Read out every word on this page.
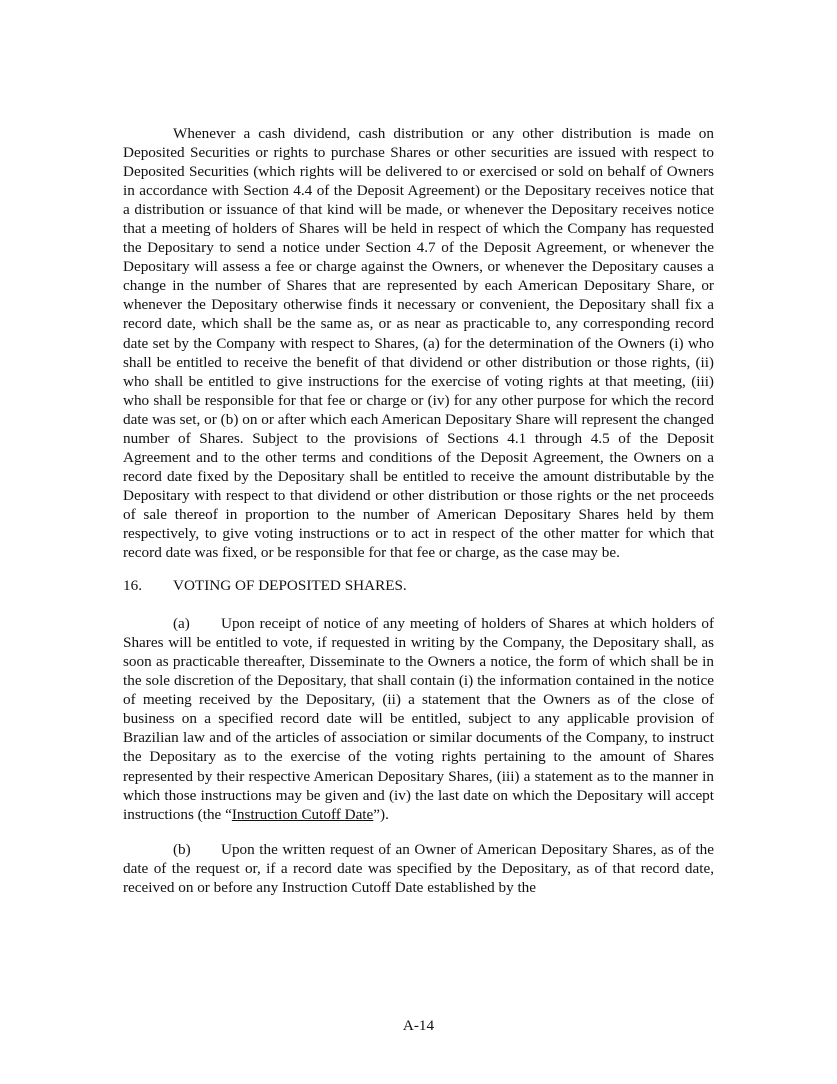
Whenever a cash dividend, cash distribution or any other distribution is made on Deposited Securities or rights to purchase Shares or other securities are issued with respect to Deposited Securities (which rights will be delivered to or exercised or sold on behalf of Owners in accordance with Section 4.4 of the Deposit Agreement) or the Depositary receives notice that a distribution or issuance of that kind will be made, or whenever the Depositary receives notice that a meeting of holders of Shares will be held in respect of which the Company has requested the Depositary to send a notice under Section 4.7 of the Deposit Agreement, or whenever the Depositary will assess a fee or charge against the Owners, or whenever the Depositary causes a change in the number of Shares that are represented by each American Depositary Share, or whenever the Depositary otherwise finds it necessary or convenient, the Depositary shall fix a record date, which shall be the same as, or as near as practicable to, any corresponding record date set by the Company with respect to Shares, (a) for the determination of the Owners (i) who shall be entitled to receive the benefit of that dividend or other distribution or those rights, (ii) who shall be entitled to give instructions for the exercise of voting rights at that meeting, (iii) who shall be responsible for that fee or charge or (iv) for any other purpose for which the record date was set, or (b) on or after which each American Depositary Share will represent the changed number of Shares. Subject to the provisions of Sections 4.1 through 4.5 of the Deposit Agreement and to the other terms and conditions of the Deposit Agreement, the Owners on a record date fixed by the Depositary shall be entitled to receive the amount distributable by the Depositary with respect to that dividend or other distribution or those rights or the net proceeds of sale thereof in proportion to the number of American Depositary Shares held by them respectively, to give voting instructions or to act in respect of the other matter for which that record date was fixed, or be responsible for that fee or charge, as the case may be.

16. VOTING OF DEPOSITED SHARES.

(a) Upon receipt of notice of any meeting of holders of Shares at which holders of Shares will be entitled to vote, if requested in writing by the Company, the Depositary shall, as soon as practicable thereafter, Disseminate to the Owners a notice, the form of which shall be in the sole discretion of the Depositary, that shall contain (i) the information contained in the notice of meeting received by the Depositary, (ii) a statement that the Owners as of the close of business on a specified record date will be entitled, subject to any applicable provision of Brazilian law and of the articles of association or similar documents of the Company, to instruct the Depositary as to the exercise of the voting rights pertaining to the amount of Shares represented by their respective American Depositary Shares, (iii) a statement as to the manner in which those instructions may be given and (iv) the last date on which the Depositary will accept instructions (the “Instruction Cutoff Date”).

(b) Upon the written request of an Owner of American Depositary Shares, as of the date of the request or, if a record date was specified by the Depositary, as of that record date, received on or before any Instruction Cutoff Date established by the

A-14
